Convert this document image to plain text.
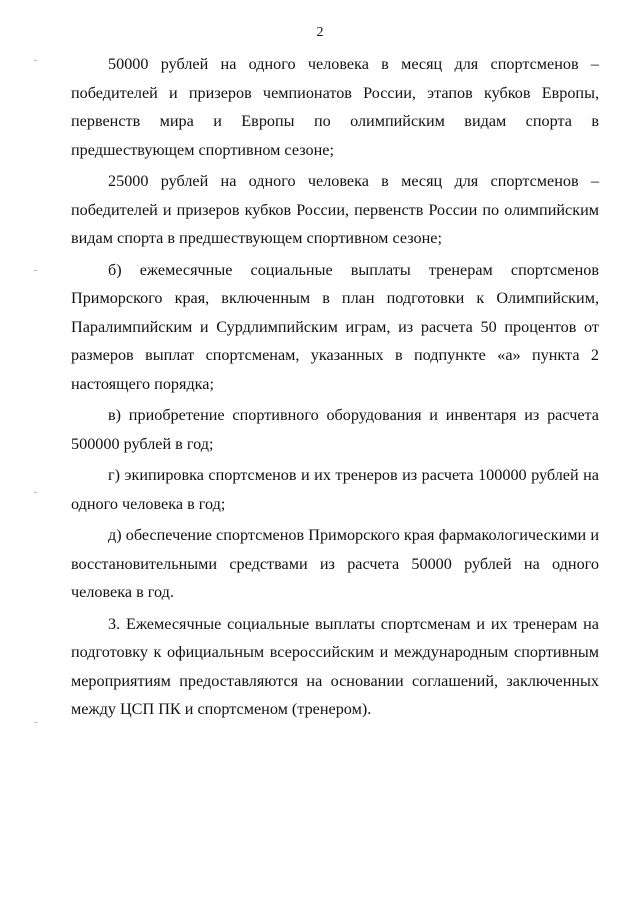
2

50000 рублей на одного человека в месяц для спортсменов – победителей и призеров чемпионатов России, этапов кубков Европы, первенств мира и Европы по олимпийским видам спорта в предшествующем спортивном сезоне;

25000 рублей на одного человека в месяц для спортсменов – победителей и призеров кубков России, первенств России по олимпийским видам спорта в предшествующем спортивном сезоне;

б) ежемесячные социальные выплаты тренерам спортсменов Приморского края, включенным в план подготовки к Олимпийским, Паралимпийским и Сурдлимпийским играм, из расчета 50 процентов от размеров выплат спортсменам, указанных в подпункте «а» пункта 2 настоящего порядка;

в) приобретение спортивного оборудования и инвентаря из расчета 500000 рублей в год;

г) экипировка спортсменов и их тренеров из расчета 100000 рублей на одного человека в год;

д) обеспечение спортсменов Приморского края фармакологическими и восстановительными средствами из расчета 50000 рублей на одного человека в год.

3. Ежемесячные социальные выплаты спортсменам и их тренерам на подготовку к официальным всероссийским и международным спортивным мероприятиям предоставляются на основании соглашений, заключенных между ЦСП ПК и спортсменом (тренером).
